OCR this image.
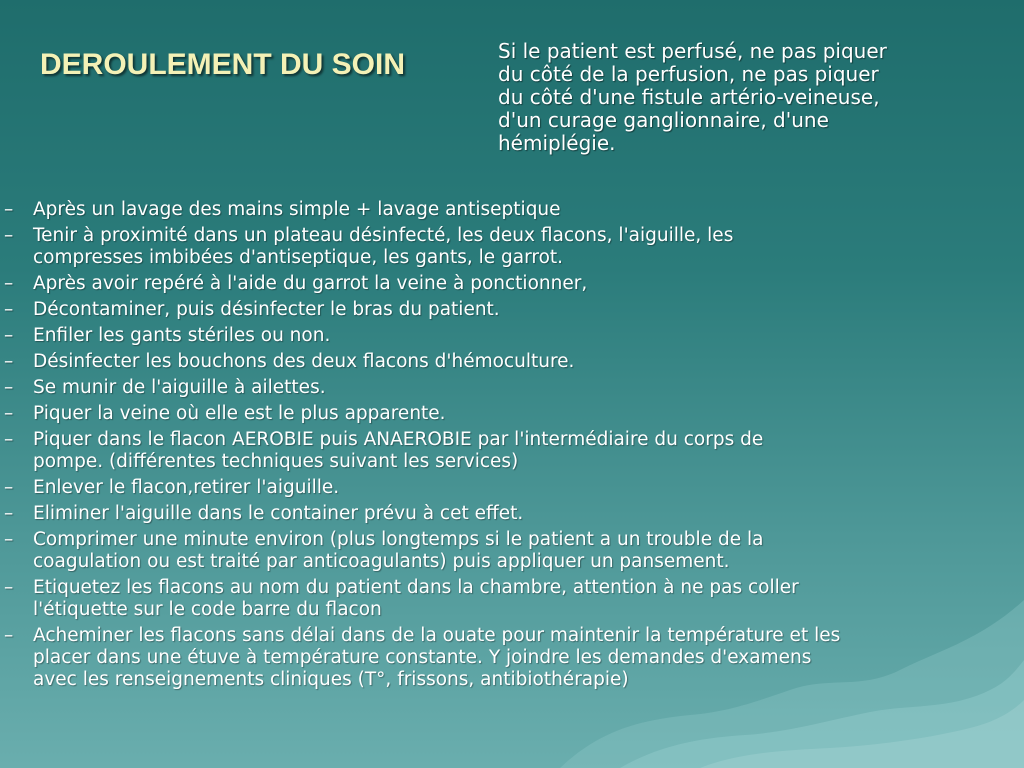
DEROULEMENT DU SOIN	Si le patient est perfusé, ne pas piquer
du côté de la perfusion, ne pas piquer
du côté d'une fistule artério-veineuse,
d'un curage ganglionnaire, d'une
hémiplégie.
– Après un lavage des mains simple + lavage antiseptique
– Tenir à proximité dans un plateau désinfecté, les deux flacons, l'aiguille, les
compresses imbibées d'antiseptique, les gants, le garrot.
– Après avoir repéré à l'aide du garrot la veine à ponctionner,
– Décontaminer, puis désinfecter le bras du patient.
– Enfiler les gants stériles ou non.
– Désinfecter les bouchons des deux flacons d'hémoculture.
– Se munir de l'aiguille à ailettes.
– Piquer la veine où elle est le plus apparente.
– Piquer dans le flacon AEROBIE puis ANAEROBIE par l'intermédiaire du corps de
pompe. (différentes techniques suivant les services)
– Enlever le flacon,retirer l'aiguille.
– Eliminer l'aiguille dans le container prévu à cet effet.
– Comprimer une minute environ (plus longtemps si le patient a un trouble de la
coagulation ou est traité par anticoagulants) puis appliquer un pansement.
– Etiquetez les flacons au nom du patient dans la chambre, attention à ne pas coller
l'étiquette sur le code barre du flacon
– Acheminer les flacons sans délai dans de la ouate pour maintenir la température et les
placer dans une étuve à température constante. Y joindre les demandes d'examens
avec les renseignements cliniques (T°, frissons, antibiothérapie)
